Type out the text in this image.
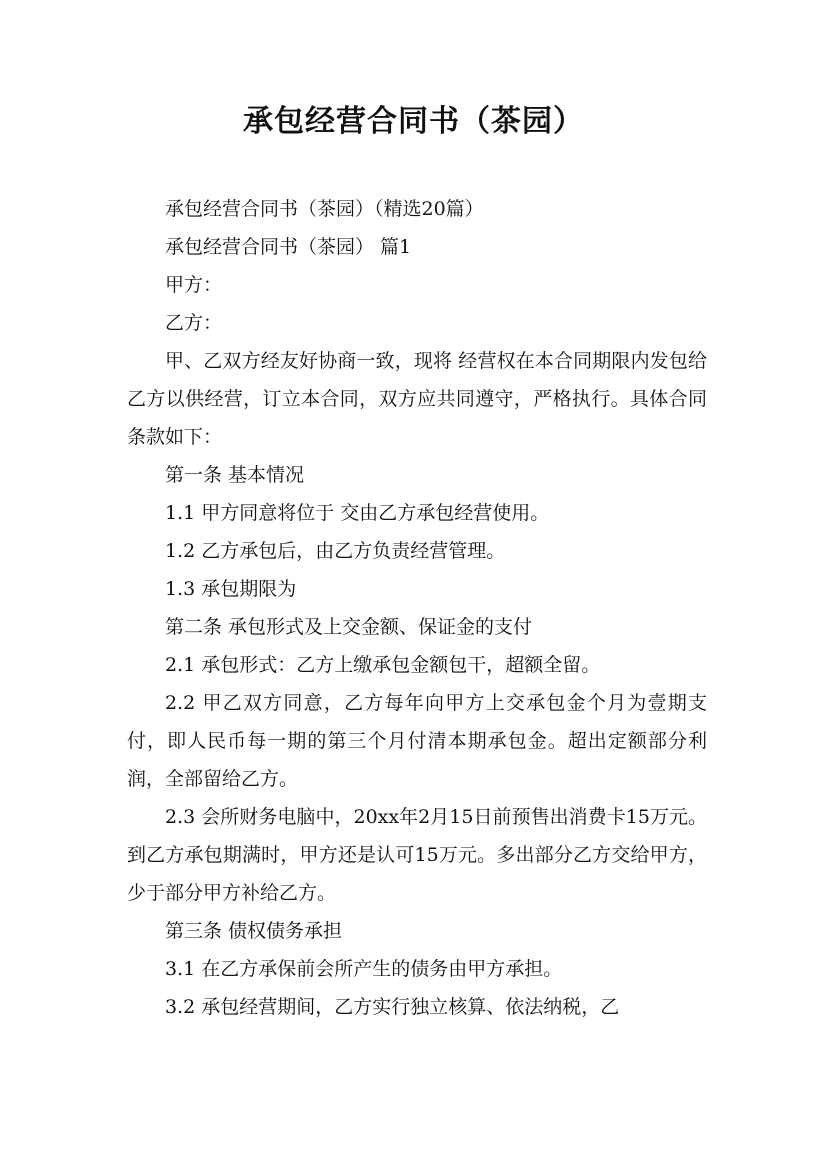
承包经营合同书（茶园）

承包经营合同书（茶园）（精选20篇）

承包经营合同书（茶园） 篇1

甲方：

乙方：

甲、乙双方经友好协商一致，现将 经营权在本合同期限内发包给乙方以供经营，订立本合同，双方应共同遵守，严格执行。具体合同条款如下：

第一条 基本情况

1.1 甲方同意将位于 交由乙方承包经营使用。

1.2 乙方承包后，由乙方负责经营管理。

1.3 承包期限为

第二条 承包形式及上交金额、保证金的支付

2.1 承包形式：乙方上缴承包金额包干，超额全留。

2.2 甲乙双方同意，乙方每年向甲方上交承包金个月为壹期支付，即人民币每一期的第三个月付清本期承包金。超出定额部分利润，全部留给乙方。

2.3 会所财务电脑中，20xx年2月15日前预售出消费卡15万元。到乙方承包期满时，甲方还是认可15万元。多出部分乙方交给甲方，少于部分甲方补给乙方。

第三条 债权债务承担

3.1 在乙方承保前会所产生的债务由甲方承担。

3.2 承包经营期间，乙方实行独立核算、依法纳税，乙
